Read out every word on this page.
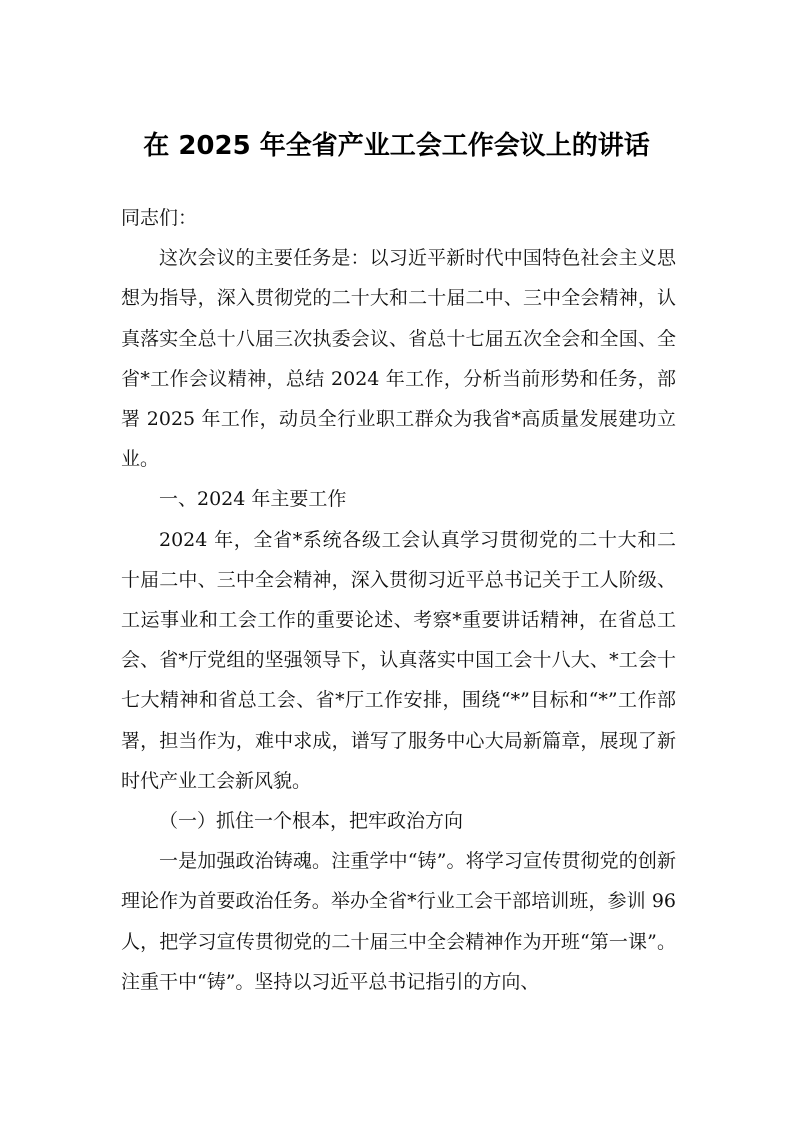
在 2025 年全省产业工会工作会议上的讲话

同志们：

这次会议的主要任务是：以习近平新时代中国特色社会主义思想为指导，深入贯彻党的二十大和二十届二中、三中全会精神，认真落实全总十八届三次执委会议、省总十七届五次全会和全国、全省*工作会议精神，总结 2024 年工作，分析当前形势和任务，部署 2025 年工作，动员全行业职工群众为我省*高质量发展建功立业。

一、2024 年主要工作

2024 年，全省*系统各级工会认真学习贯彻党的二十大和二十届二中、三中全会精神，深入贯彻习近平总书记关于工人阶级、工运事业和工会工作的重要论述、考察*重要讲话精神，在省总工会、省*厅党组的坚强领导下，认真落实中国工会十八大、*工会十七大精神和省总工会、省*厅工作安排，围绕“*”目标和“*”工作部署，担当作为，难中求成，谱写了服务中心大局新篇章，展现了新时代产业工会新风貌。

（一）抓住一个根本，把牢政治方向

一是加强政治铸魂。注重学中“铸”。将学习宣传贯彻党的创新理论作为首要政治任务。举办全省*行业工会干部培训班，参训 96 人，把学习宣传贯彻党的二十届三中全会精神作为开班“第一课”。注重干中“铸”。坚持以习近平总书记指引的方向、
